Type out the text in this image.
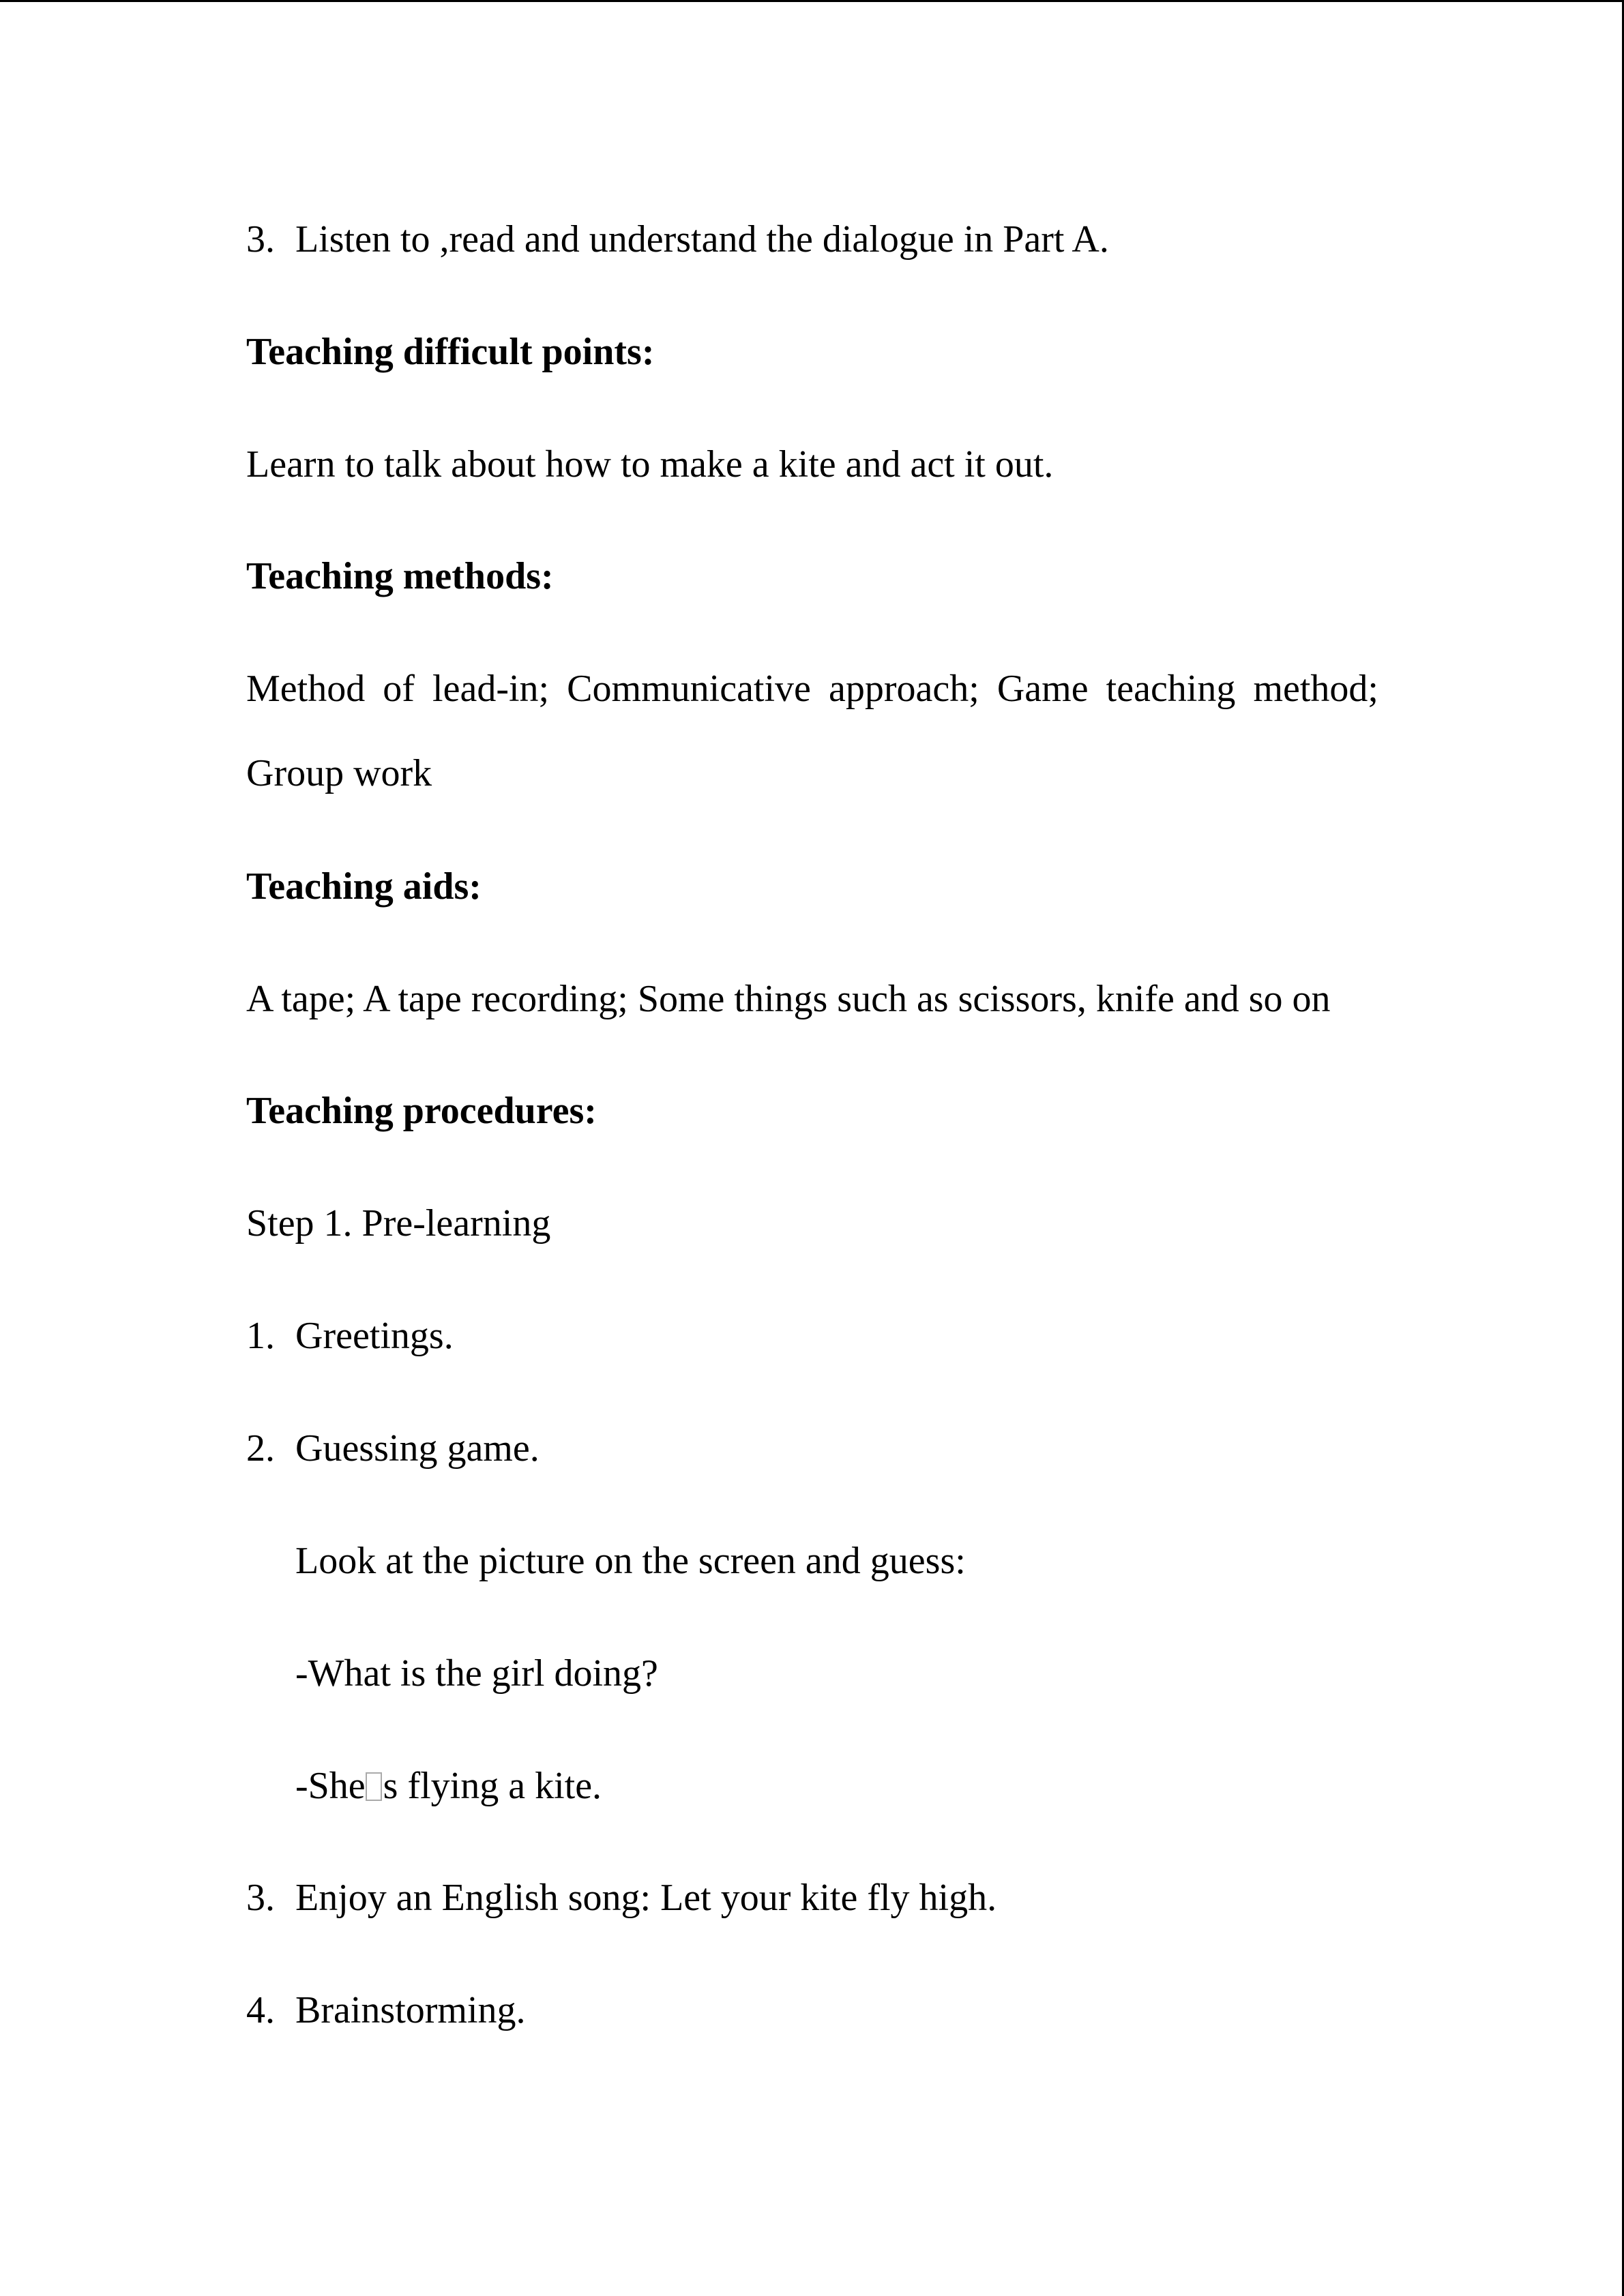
3. Listen to ,read and understand the dialogue in Part A.
Teaching difficult points:
Learn to talk about how to make a kite and act it out.
Teaching methods:
Method of lead-in; Communicative approach; Game teaching method;
Group work
Teaching aids:
A tape; A tape recording; Some things such as scissors, knife and so on
Teaching procedures:
Step 1. Pre-learning
1. Greetings.
2. Guessing game.
Look at the picture on the screen and guess:
-What is the girl doing?
-She s flying a kite.
3. Enjoy an English song: Let your kite fly high.
4. Brainstorming.
